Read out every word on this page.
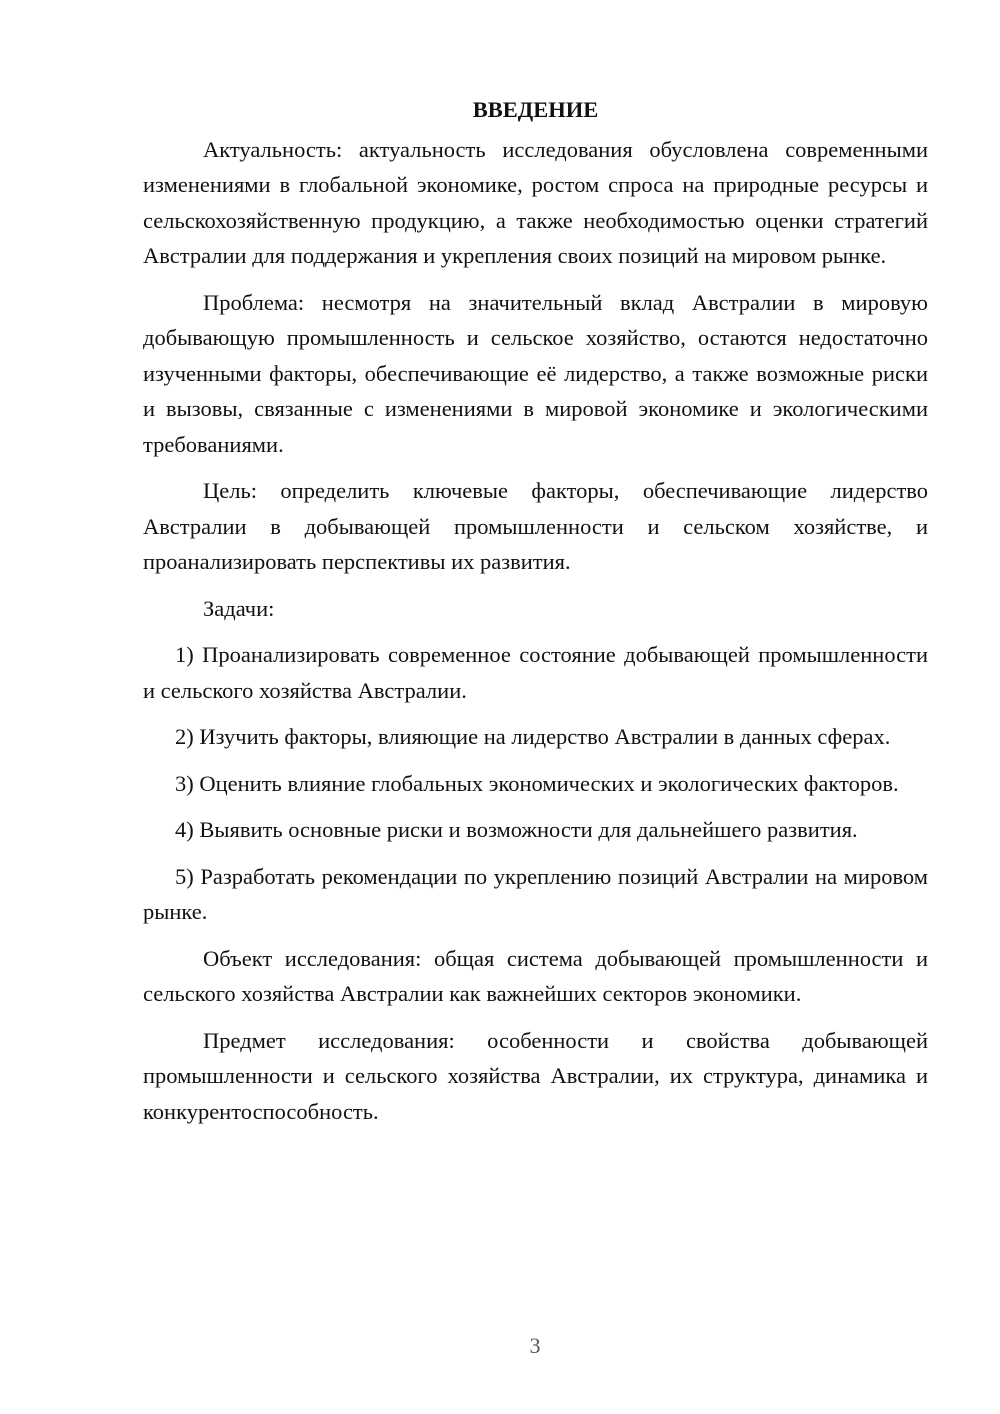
ВВЕДЕНИЕ

Актуальность: актуальность исследования обусловлена современными изменениями в глобальной экономике, ростом спроса на природные ресурсы и сельскохозяйственную продукцию, а также необходимостью оценки стратегий Австралии для поддержания и укрепления своих позиций на мировом рынке.

Проблема: несмотря на значительный вклад Австралии в мировую добывающую промышленность и сельское хозяйство, остаются недостаточно изученными факторы, обеспечивающие её лидерство, а также возможные риски и вызовы, связанные с изменениями в мировой экономике и экологическими требованиями.

Цель: определить ключевые факторы, обеспечивающие лидерство Австралии в добывающей промышленности и сельском хозяйстве, и проанализировать перспективы их развития.

Задачи:

1) Проанализировать современное состояние добывающей промышленности и сельского хозяйства Австралии.

2) Изучить факторы, влияющие на лидерство Австралии в данных сферах.

3) Оценить влияние глобальных экономических и экологических факторов.

4) Выявить основные риски и возможности для дальнейшего развития.

5) Разработать рекомендации по укреплению позиций Австралии на мировом рынке.

Объект исследования: общая система добывающей промышленности и сельского хозяйства Австралии как важнейших секторов экономики.

Предмет исследования: особенности и свойства добывающей промышленности и сельского хозяйства Австралии, их структура, динамика и конкурентоспособность.

3
